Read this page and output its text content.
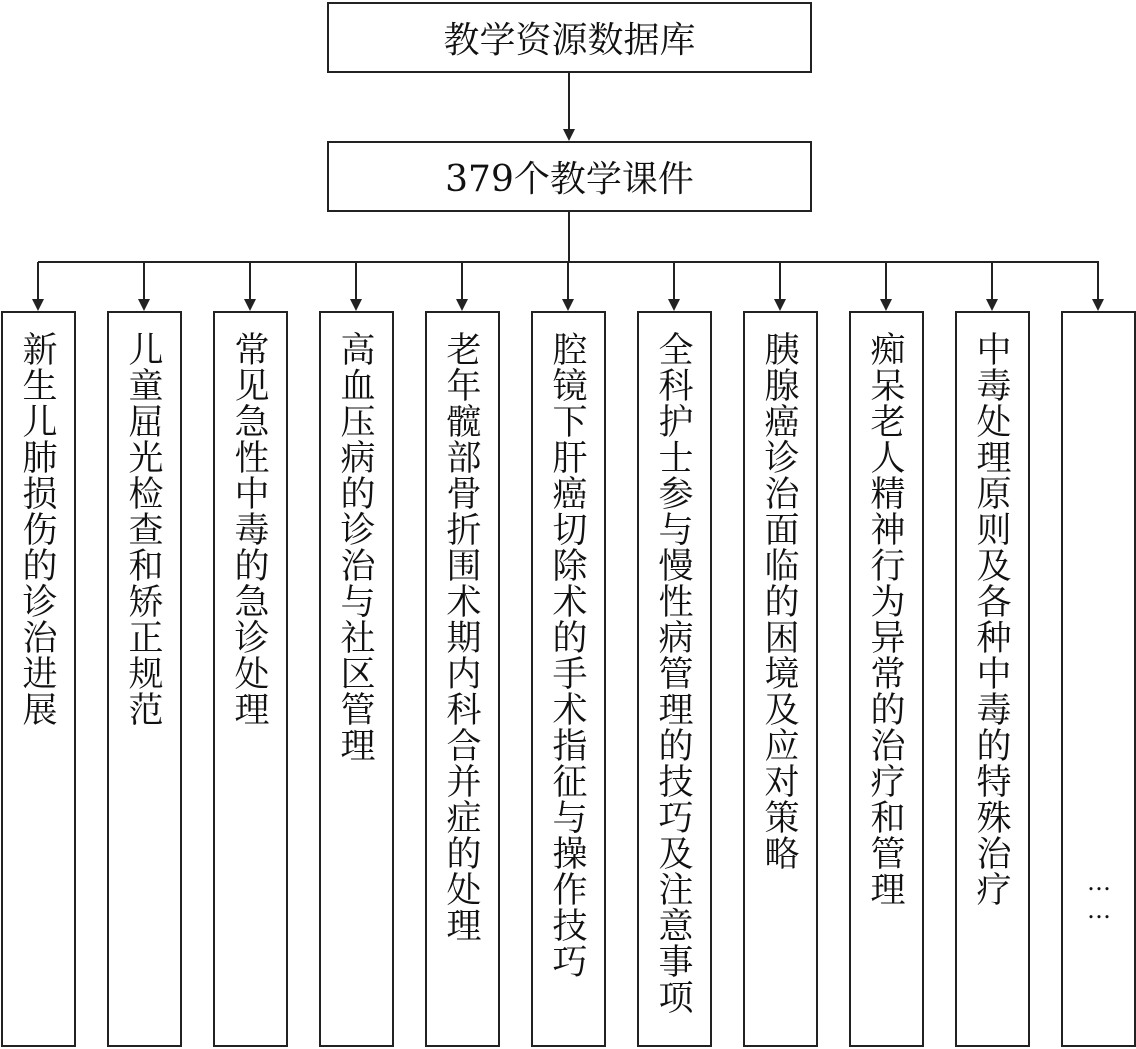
教学资源数据库
379个教学课件
新生儿肺损伤的诊治进展	儿童屈光检查和矫正规范	常见急性中毒的急诊处理	高血压病的诊治与社区管理	老年髋部骨折围术期内科合并症的处理	腔镜下肝癌切除术的手术指征与操作技巧	全科护士参与慢性病管理的技巧及注意事项	胰腺癌诊治面临的困境及应对策略	痴呆老人精神行为异常的治疗和管理	中毒处理原则及各种中毒的特殊治疗	……
